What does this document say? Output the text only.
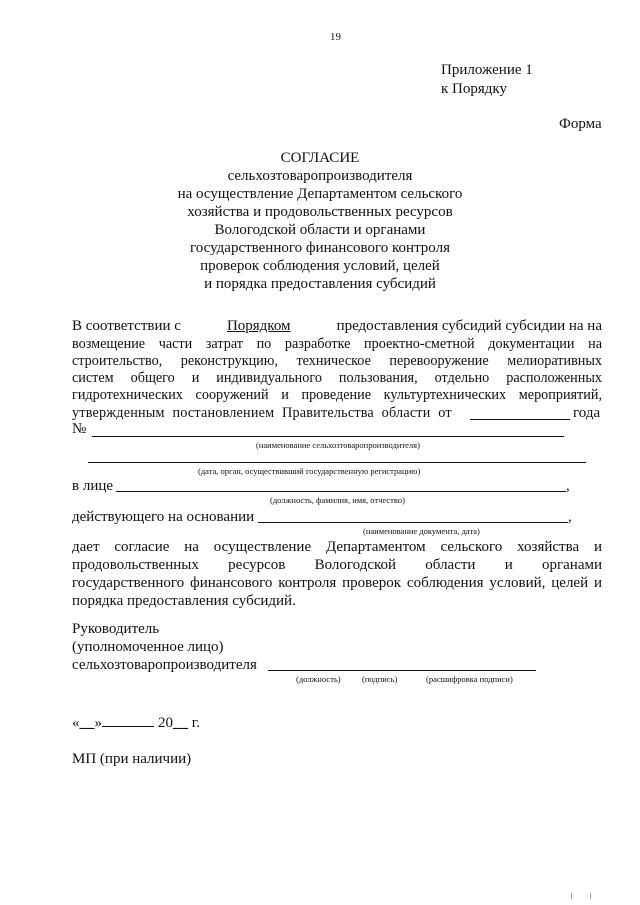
19
Приложение 1
к Порядку
Форма
СОГЛАСИЕ
сельхозтоваропроизводителя
на осуществление Департаментом сельского
хозяйства и продовольственных ресурсов
Вологодской области и органами
государственного финансового контроля
проверок соблюдения условий, целей
и порядка предоставления субсидий
В соответствии с	Порядком	предоставления субсидий субсидии на на
возмещение части затрат по разработке проектно-сметной документации на
строительство, реконструкцию, техническое перевооружение мелиоративных
систем общего и индивидуального пользования, отдельно расположенных
гидротехнических сооружений и проведение культуртехнических мероприятий,
утвержденным постановлением Правительства области от	года
№
(наименование сельхозтоваропроизводителя)
(дата, орган, осуществивший государственную регистрацию)
в лице	,
(должность, фамилия, имя, отчество)
действующего на основании	,
(наименование документа, дата)
дает согласие на осуществление Департаментом сельского хозяйства и
продовольственных ресурсов Вологодской области и органами
государственного финансового контроля проверок соблюдения условий, целей и
порядка предоставления субсидий.
Руководитель
(уполномоченное лицо)
сельхозтоваропроизводителя
(должность)	(подпись)	(расшифровка подписи)
«__»	20__ г.
МП (при наличии)
